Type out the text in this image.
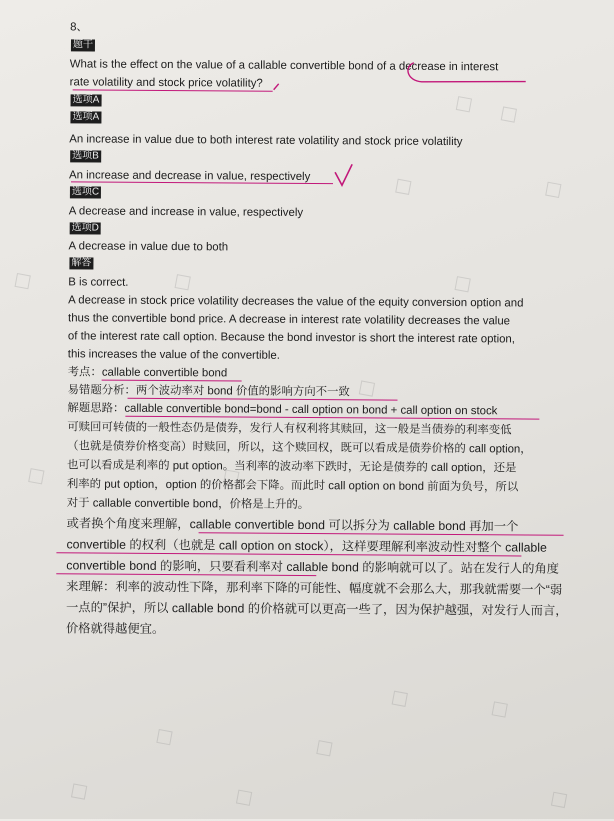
8、
题干
What is the effect on the value of a callable convertible bond of a decrease in interest
rate volatility and stock price volatility?
选项A
选项A
An increase in value due to both interest rate volatility and stock price volatility
选项B
An increase and decrease in value, respectively
选项C
A decrease and increase in value, respectively
选项D
A decrease in value due to both
解答
B is correct.
A decrease in stock price volatility decreases the value of the equity conversion option and
thus the convertible bond price. A decrease in interest rate volatility decreases the value
of the interest rate call option. Because the bond investor is short the interest rate option,
this increases the value of the convertible.
考点：callable convertible bond
易错题分析：两个波动率对 bond 价值的影响方向不一致
解题思路：callable convertible bond=bond - call option on bond + call option on stock
可赎回可转债的一般性态仍是债券，发行人有权利将其赎回，这一般是当债券的利率变低
（也就是债券价格变高）时赎回，所以，这个赎回权，既可以看成是债券价格的 call option，
也可以看成是利率的 put option。当利率的波动率下跌时，无论是债券的 call option，还是
利率的 put option，option 的价格都会下降。而此时 call option on bond 前面为负号，所以
对于 callable convertible bond，价格是上升的。
或者换个角度来理解，callable convertible bond 可以拆分为 callable bond 再加一个
convertible 的权利（也就是 call option on stock），这样要理解利率波动性对整个 callable
convertible bond 的影响，只要看利率对 callable bond 的影响就可以了。站在发行人的角度
来理解：利率的波动性下降，那利率下降的可能性、幅度就不会那么大，那我就需要一个“弱
一点的”保护，所以 callable bond 的价格就可以更高一些了，因为保护越强，对发行人而言，
价格就得越便宜。
